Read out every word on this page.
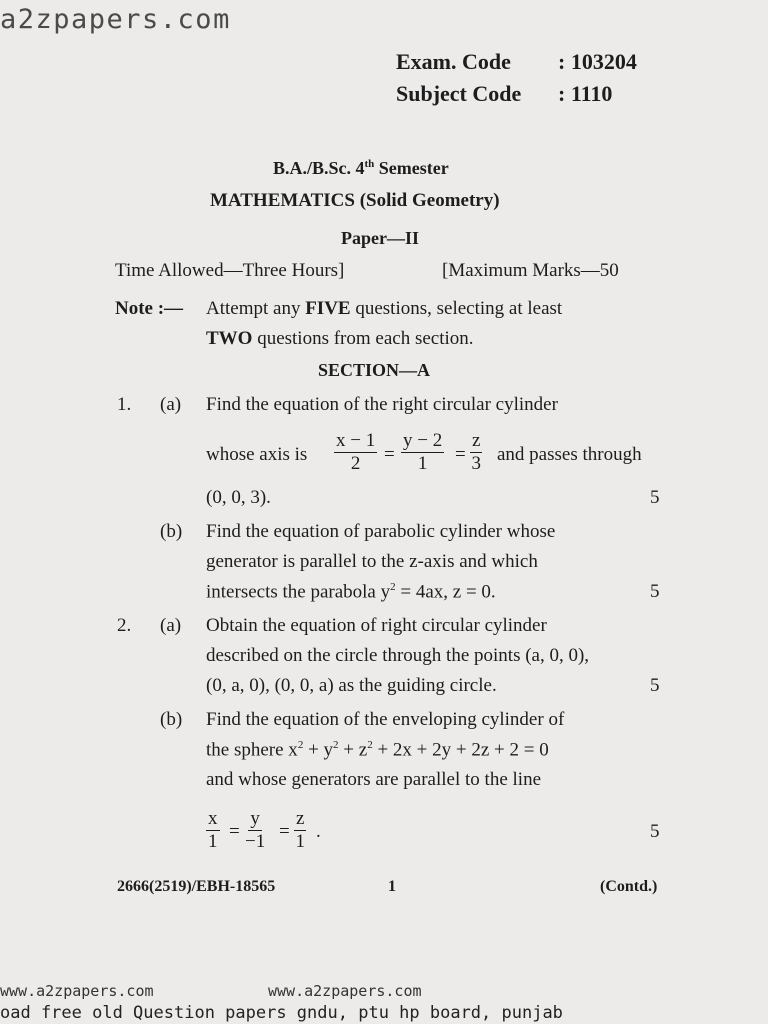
a2zpapers.com
Exam. Code : 103204
Subject Code : 1110
B.A./B.Sc. 4th Semester
MATHEMATICS (Solid Geometry)
Paper—II
Time Allowed—Three Hours]	[Maximum Marks—50
Note :— Attempt any FIVE questions, selecting at least
TWO questions from each section.
SECTION—A
1. (a) Find the equation of the right circular cylinder
whose axis is $\frac{x - 1}{2} = \frac{y - 2}{1} = \frac{z}{3}$ and passes through
(0, 0, 3).	5
(b) Find the equation of parabolic cylinder whose
generator is parallel to the z-axis and which
intersects the parabola $y^2 = 4ax$, z = 0.	5
2. (a) Obtain the equation of right circular cylinder
described on the circle through the points (a, 0, 0),
(0, a, 0), (0, 0, a) as the guiding circle.	5
(b) Find the equation of the enveloping cylinder of
the sphere $x^2 + y^2 + z^2 + 2x + 2y + 2z + 2 = 0$
and whose generators are parallel to the line
$\frac{x}{1} = \frac{y}{-1} = \frac{z}{1}$ .	5
2666(2519)/EBH-18565	1	(Contd.)
www.a2zpapers.com	www.a2zpapers.com
oad free old Question papers gndu, ptu hp board, punjab
